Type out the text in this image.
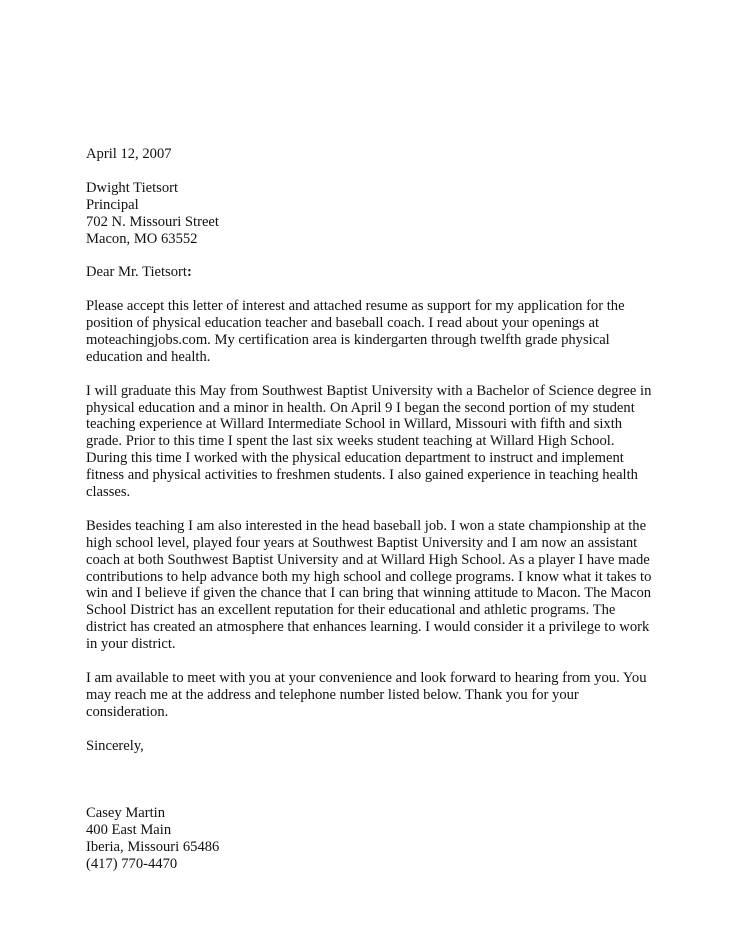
April 12, 2007
Dwight Tietsort
Principal
702 N. Missouri Street
Macon, MO 63552
Dear Mr. Tietsort:
Please accept this letter of interest and attached resume as support for my application for the
position of physical education teacher and baseball coach. I read about your openings at
moteachingjobs.com. My certification area is kindergarten through twelfth grade physical
education and health.
I will graduate this May from Southwest Baptist University with a Bachelor of Science degree in
physical education and a minor in health. On April 9 I began the second portion of my student
teaching experience at Willard Intermediate School in Willard, Missouri with fifth and sixth
grade. Prior to this time I spent the last six weeks student teaching at Willard High School.
During this time I worked with the physical education department to instruct and implement
fitness and physical activities to freshmen students. I also gained experience in teaching health
classes.
Besides teaching I am also interested in the head baseball job. I won a state championship at the
high school level, played four years at Southwest Baptist University and I am now an assistant
coach at both Southwest Baptist University and at Willard High School. As a player I have made
contributions to help advance both my high school and college programs. I know what it takes to
win and I believe if given the chance that I can bring that winning attitude to Macon. The Macon
School District has an excellent reputation for their educational and athletic programs. The
district has created an atmosphere that enhances learning. I would consider it a privilege to work
in your district.
I am available to meet with you at your convenience and look forward to hearing from you. You
may reach me at the address and telephone number listed below. Thank you for your
consideration.
Sincerely,
Casey Martin
400 East Main
Iberia, Missouri 65486
(417) 770-4470
